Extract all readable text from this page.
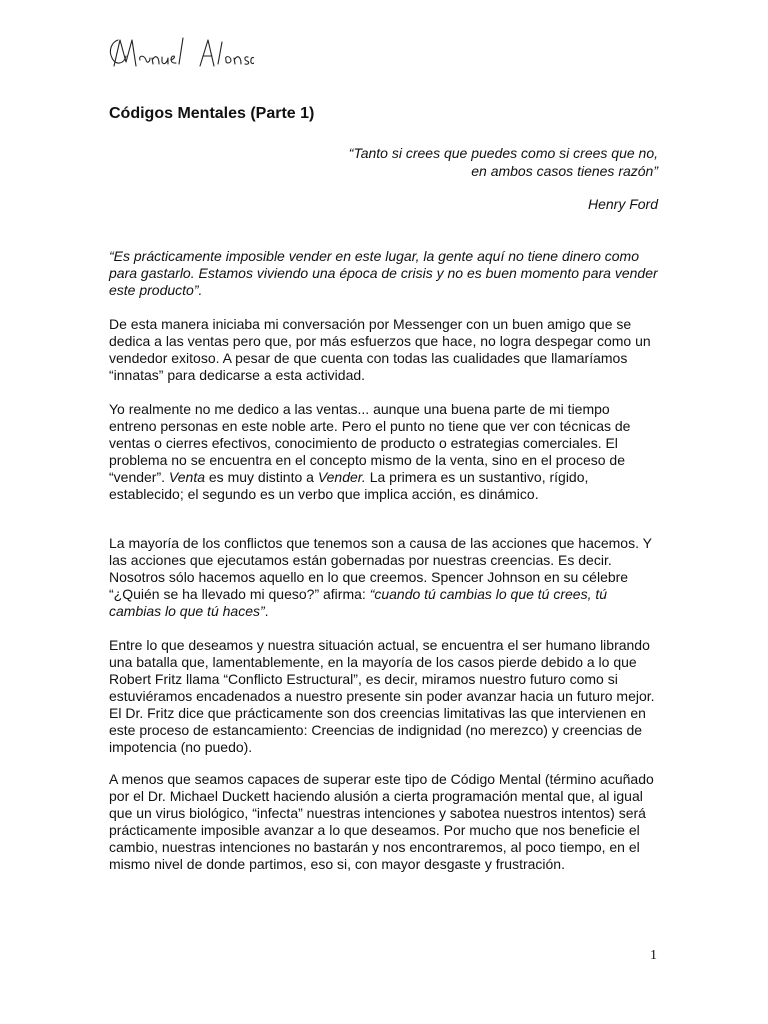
Códigos Mentales (Parte 1)

“Tanto si crees que puedes como si crees que no,
en ambos casos tienes razón”

Henry Ford

“Es prácticamente imposible vender en este lugar, la gente aquí no tiene dinero como para gastarlo. Estamos viviendo una época de crisis y no es buen momento para vender este producto”.

De esta manera iniciaba mi conversación por Messenger con un buen amigo que se dedica a las ventas pero que, por más esfuerzos que hace, no logra despegar como un vendedor exitoso. A pesar de que cuenta con todas las cualidades que llamaríamos “innatas” para dedicarse a esta actividad.

Yo realmente no me dedico a las ventas... aunque una buena parte de mi tiempo entreno personas en este noble arte. Pero el punto no tiene que ver con técnicas de ventas o cierres efectivos, conocimiento de producto o estrategias comerciales. El problema no se encuentra en el concepto mismo de la venta, sino en el proceso de “vender”. Venta es muy distinto a Vender. La primera es un sustantivo, rígido, establecido; el segundo es un verbo que implica acción, es dinámico.

La mayoría de los conflictos que tenemos son a causa de las acciones que hacemos. Y las acciones que ejecutamos están gobernadas por nuestras creencias. Es decir. Nosotros sólo hacemos aquello en lo que creemos. Spencer Johnson en su célebre “¿Quién se ha llevado mi queso?” afirma: “cuando tú cambias lo que tú crees, tú cambias lo que tú haces”.

Entre lo que deseamos y nuestra situación actual, se encuentra el ser humano librando una batalla que, lamentablemente, en la mayoría de los casos pierde debido a lo que Robert Fritz llama “Conflicto Estructural”, es decir, miramos nuestro futuro como si estuviéramos encadenados a nuestro presente sin poder avanzar hacia un futuro mejor. El Dr. Fritz dice que prácticamente son dos creencias limitativas las que intervienen en este proceso de estancamiento: Creencias de indignidad (no merezco) y creencias de impotencia (no puedo).

A menos que seamos capaces de superar este tipo de Código Mental (término acuñado por el Dr. Michael Duckett haciendo alusión a cierta programación mental que, al igual que un virus biológico, “infecta” nuestras intenciones y sabotea nuestros intentos) será prácticamente imposible avanzar a lo que deseamos. Por mucho que nos beneficie el cambio, nuestras intenciones no bastarán y nos encontraremos, al poco tiempo, en el mismo nivel de donde partimos, eso si, con mayor desgaste y frustración.

1
